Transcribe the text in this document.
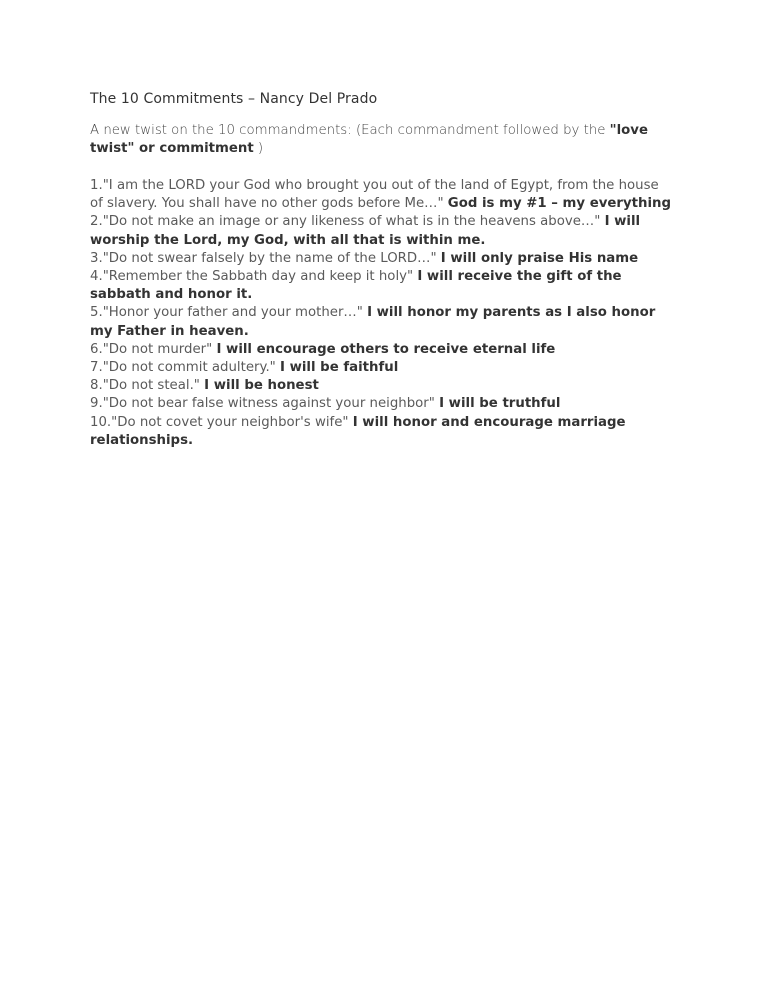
The 10 Commitments – Nancy Del Prado

A new twist on the 10 commandments: (Each commandment followed by the "love twist" or commitment )

1."I am the LORD your God who brought you out of the land of Egypt, from the house of slavery. You shall have no other gods before Me…" God is my #1 – my everything

2."Do not make an image or any likeness of what is in the heavens above…" I will worship the Lord, my God, with all that is within me.

3."Do not swear falsely by the name of the LORD…" I will only praise His name

4."Remember the Sabbath day and keep it holy" I will receive the gift of the sabbath and honor it.

5."Honor your father and your mother…" I will honor my parents as I also honor my Father in heaven.

6."Do not murder" I will encourage others to receive eternal life

7."Do not commit adultery." I will be faithful

8."Do not steal." I will be honest

9."Do not bear false witness against your neighbor" I will be truthful

10."Do not covet your neighbor's wife" I will honor and encourage marriage relationships.
